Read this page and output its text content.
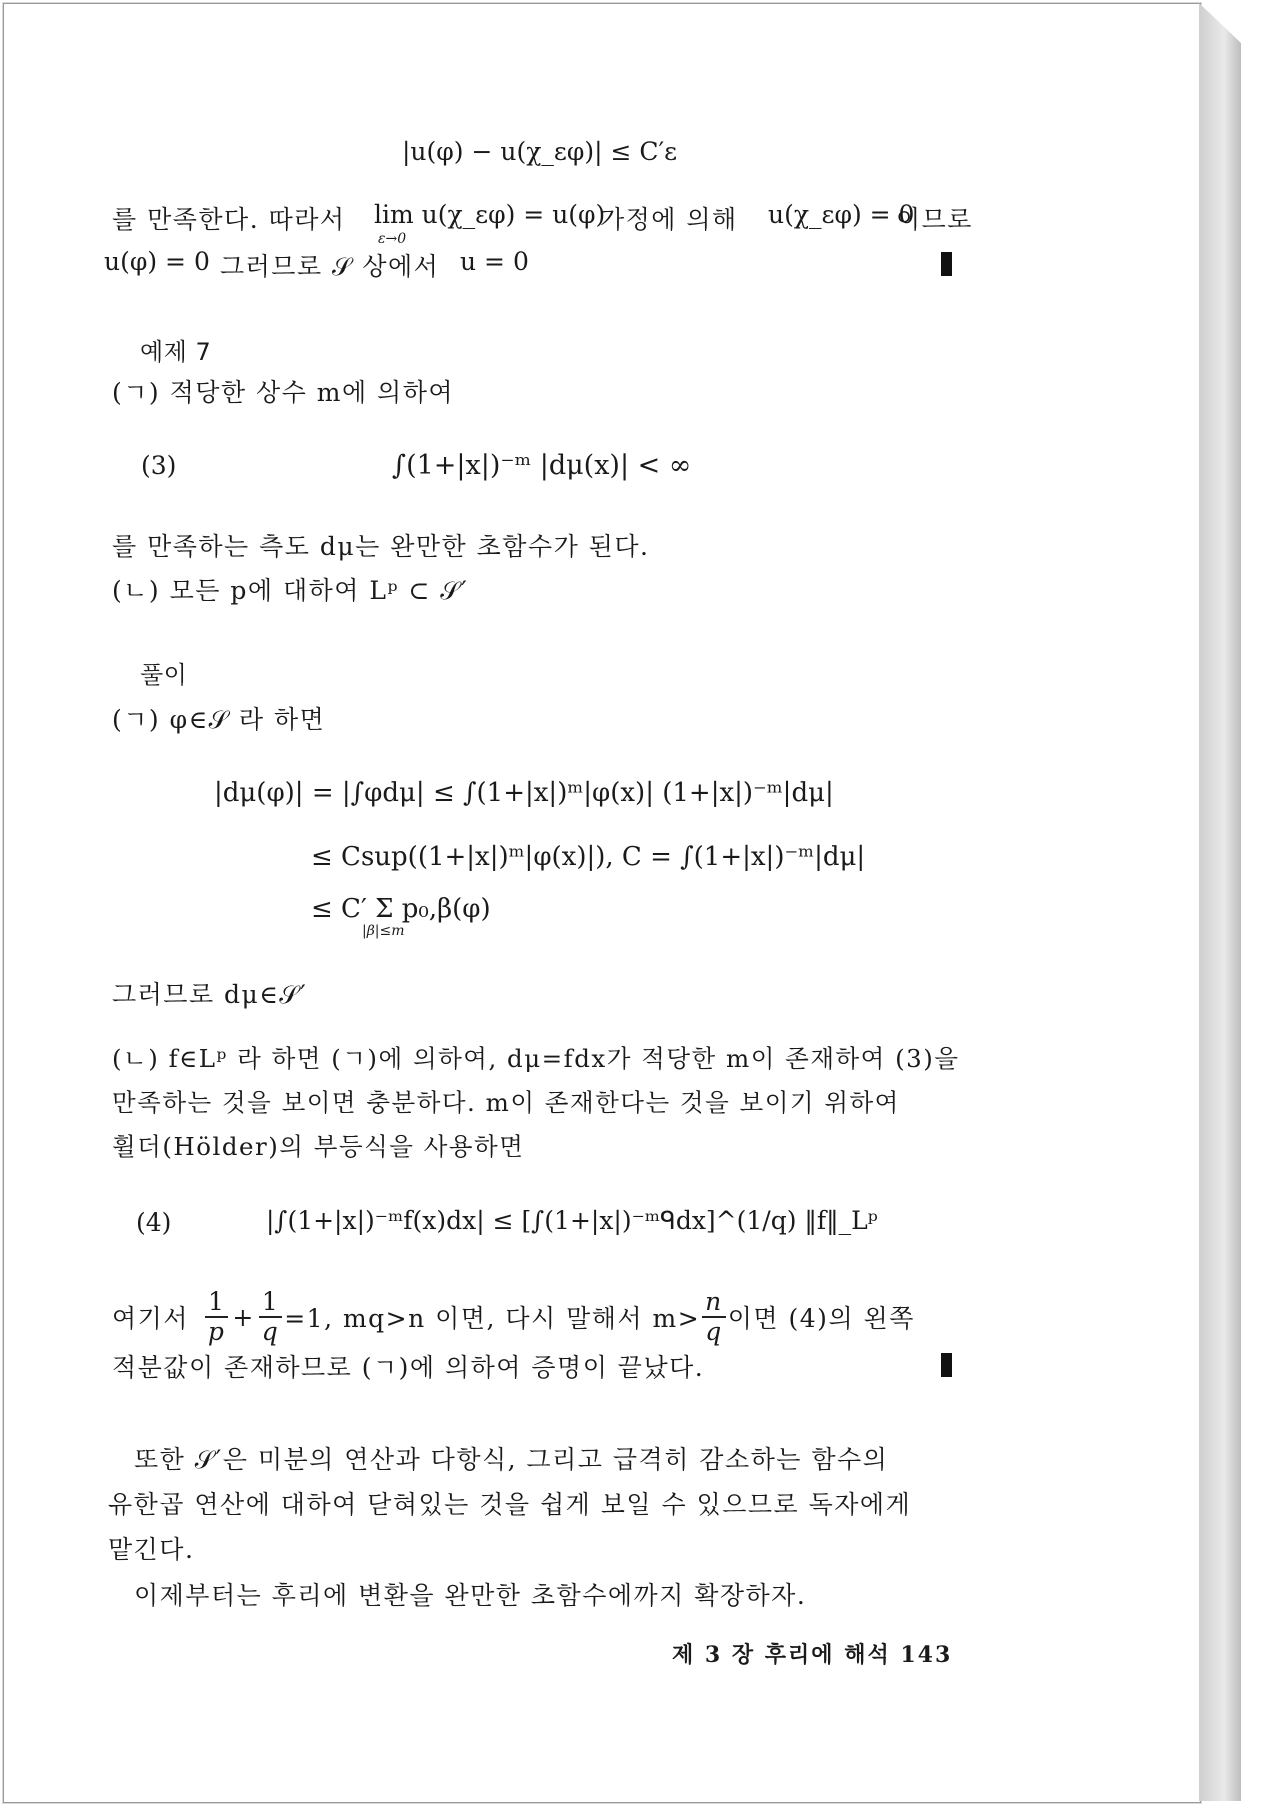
|u(φ) − u(χ_εφ)| ≤ C′ε
를 만족한다. 따라서 lim u(χ_εφ) = u(φ)
ε→0
가정에 의해 u(χ_εφ) = 0
이므로
u(φ) = 0 그러므로 𝒮 상에서 u = 0
예제 7
(ㄱ) 적당한 상수 m에 의하여
(3)	∫(1+|x|)⁻ᵐ |dμ(x)| < ∞
를 만족하는 측도 dμ는 완만한 초함수가 된다.
(ㄴ) 모든 p에 대하여 Lᵖ ⊂ 𝒮′
풀이
(ㄱ) φ∈𝒮 라 하면
|dμ(φ)| = |∫φdμ| ≤ ∫(1+|x|)ᵐ|φ(x)| (1+|x|)⁻ᵐ|dμ|
≤ Csup((1+|x|)ᵐ|φ(x)|), C = ∫(1+|x|)⁻ᵐ|dμ|
≤ C′ Σ p₀,β(φ)
|β|≤m
그러므로 dμ∈𝒮′
(ㄴ) f∈Lᵖ 라 하면 (ㄱ)에 의하여, dμ=fdx가 적당한 m이 존재하여 (3)을
만족하는 것을 보이면 충분하다. m이 존재한다는 것을 보이기 위하여
휠더(Hölder)의 부등식을 사용하면
(4)	|∫(1+|x|)⁻ᵐf(x)dx| ≤ [∫(1+|x|)⁻ᵐᑫdx]^(1/q) ‖f‖_Lᵖ
여기서 $\frac{1}{p} + \frac{1}{q} =1$, mq>n 이면, 다시 말해서 $m> \frac{n}{q}$ 이면 (4)의 왼쪽
적분값이 존재하므로 (ㄱ)에 의하여 증명이 끝났다.
또한 𝒮′은 미분의 연산과 다항식, 그리고 급격히 감소하는 함수의
유한곱 연산에 대하여 닫혀있는 것을 쉽게 보일 수 있으므로 독자에게
맡긴다.
이제부터는 후리에 변환을 완만한 초함수에까지 확장하자.
제 3 장 후리에 해석 143
